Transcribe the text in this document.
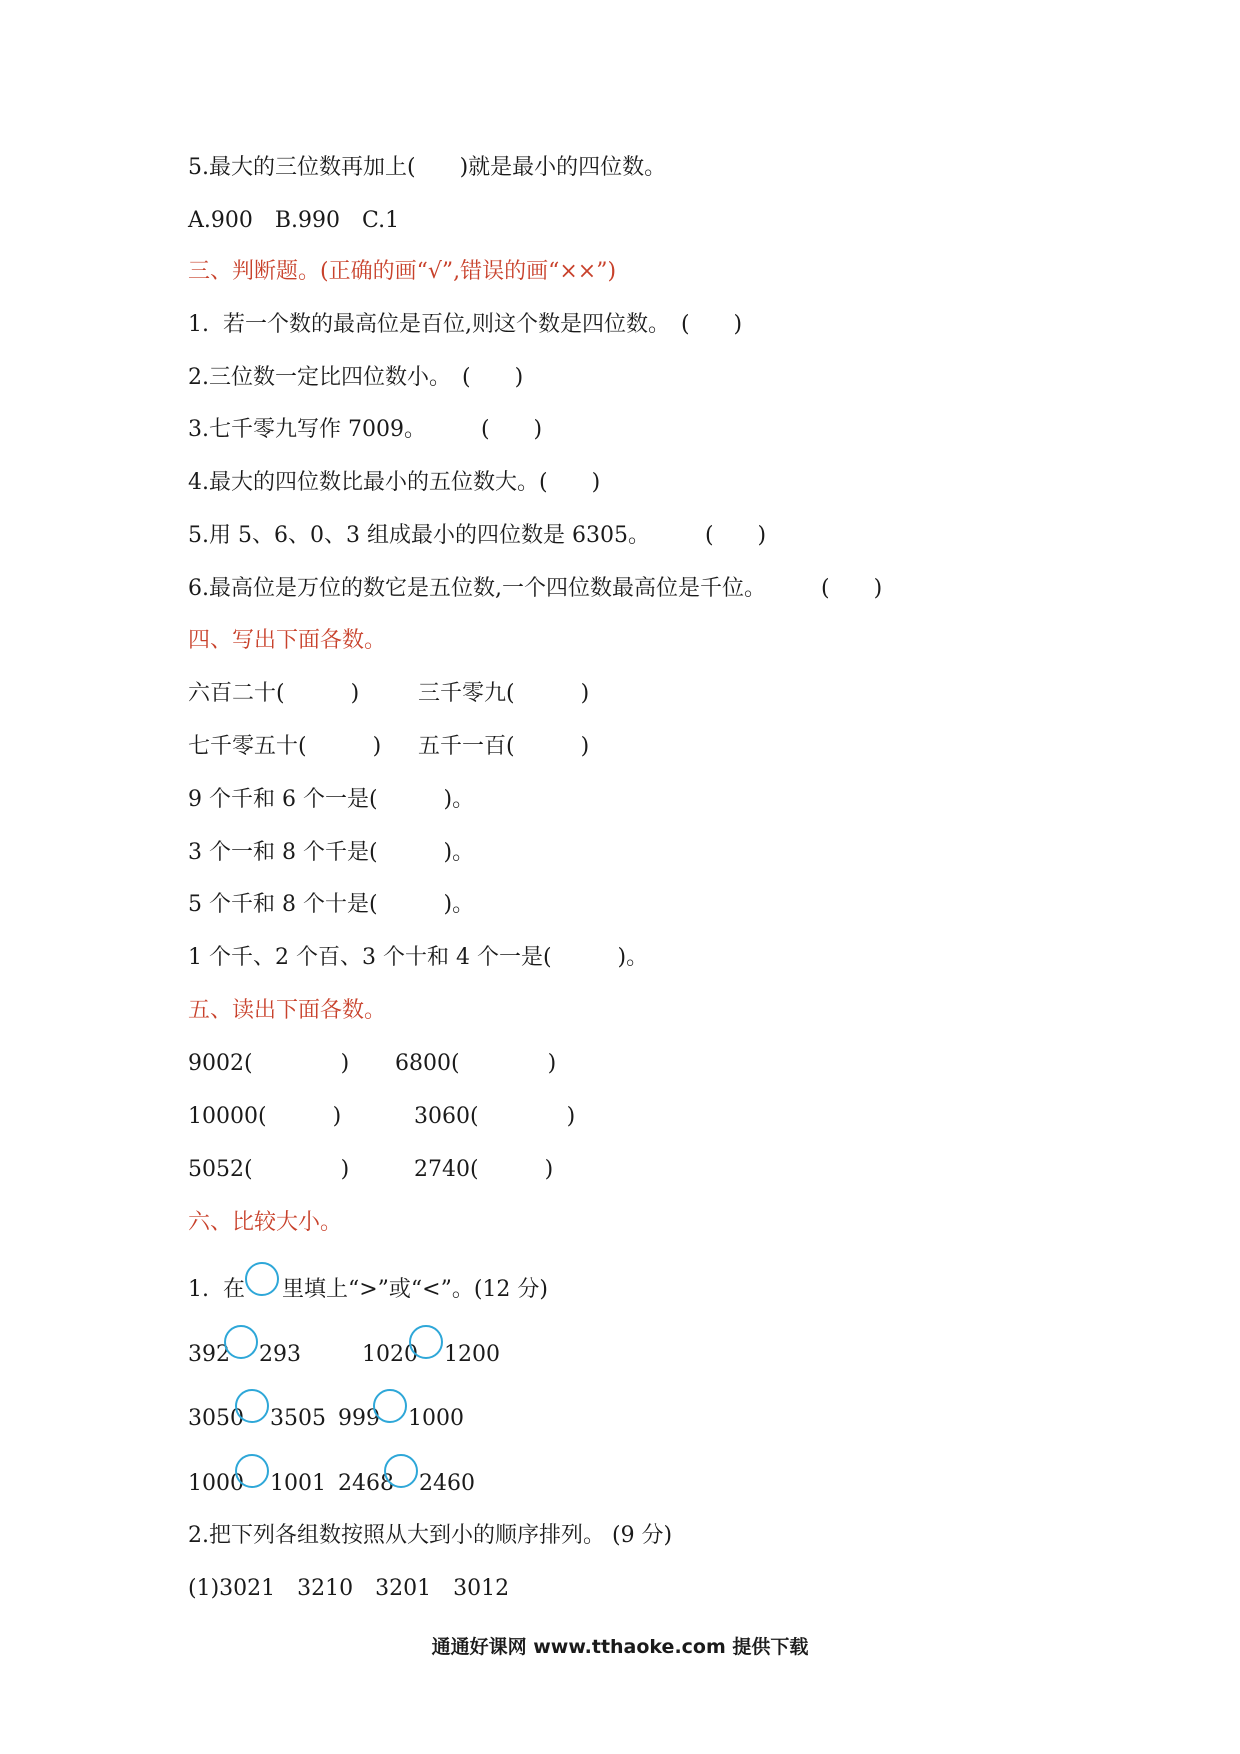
5.最大的三位数再加上(　　)就是最小的四位数。
A.900　B.990　C.1
三、判断题。(正确的画“√”,错误的画“××”)
1.  若一个数的最高位是百位,则这个数是四位数。　(　　)
2.三位数一定比四位数小。　(　　)
3.七千零九写作 7009。　　　(　　)
4.最大的四位数比最小的五位数大。(　　)
5.用 5、6、0、3 组成最小的四位数是 6305。　　　(　　)
6.最高位是万位的数它是五位数,一个四位数最高位是千位。　　　(　　)
四、写出下面各数。
六百二十(　　　)	三千零九(　　　)
七千零五十(　　　) 五千一百(　　　)
9 个千和 6 个一是(　　　)。
3 个一和 8 个千是(　　　)。
5 个千和 8 个十是(　　　)。
1 个千、2 个百、3 个十和 4 个一是(　　　)。
五、读出下面各数。
9002(　　　　) 6800(　　　　)
10000(　　　)	3060(　　　　)
5052(　　　　)	2740(　　　)
六、比较大小。
1.  在 里填上“>”或“<”。(12 分)
392 293	1020 1200
3050 3505 999 1000
1000 1001 2468 2460
2.把下列各组数按照从大到小的顺序排列。 (9 分)
(1)3021　3210　3201　3012
通通好课网 www.tthaoke.com 提供下载
